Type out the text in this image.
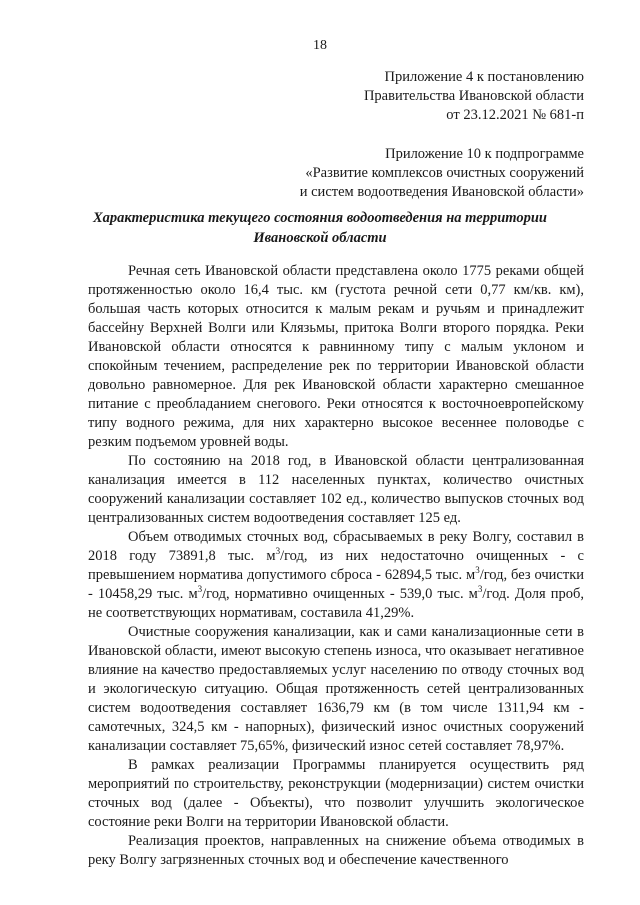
18
Приложение 4 к постановлению
Правительства Ивановской области
от 23.12.2021 № 681-п
Приложение 10 к подпрограмме
«Развитие комплексов очистных сооружений
и систем водоотведения Ивановской области»
Характеристика текущего состояния водоотведения на территории
Ивановской области

Речная сеть Ивановской области представлена около 1775 реками общей протяженностью около 16,4 тыс. км (густота речной сети 0,77 км/кв. км), большая часть которых относится к малым рекам и ручьям и принадлежит бассейну Верхней Волги или Клязьмы, притока Волги второго порядка. Реки Ивановской области относятся к равнинному типу с малым уклоном и спокойным течением, распределение рек по территории Ивановской области довольно равномерное. Для рек Ивановской области характерно смешанное питание с преобладанием снегового. Реки относятся к восточноевропейскому типу водного режима, для них характерно высокое весеннее половодье с резким подъемом уровней воды.

По состоянию на 2018 год, в Ивановской области централизованная канализация имеется в 112 населенных пунктах, количество очистных сооружений канализации составляет 102 ед., количество выпусков сточных вод централизованных систем водоотведения составляет 125 ед.

Объем отводимых сточных вод, сбрасываемых в реку Волгу, составил в 2018 году 73891,8 тыс. $м^3$/год, из них недостаточно очищенных - с превышением норматива допустимого сброса - 62894,5 тыс. $м^3$/год, без очистки - 10458,29 тыс. $м^3$/год, нормативно очищенных - 539,0 тыс. $м^3$/год. Доля проб, не соответствующих нормативам, составила 41,29%.

Очистные сооружения канализации, как и сами канализационные сети в Ивановской области, имеют высокую степень износа, что оказывает негативное влияние на качество предоставляемых услуг населению по отводу сточных вод и экологическую ситуацию. Общая протяженность сетей централизованных систем водоотведения составляет 1636,79 км (в том числе 1311,94 км - самотечных, 324,5 км - напорных), физический износ очистных сооружений канализации составляет 75,65%, физический износ сетей составляет 78,97%.

В рамках реализации Программы планируется осуществить ряд мероприятий по строительству, реконструкции (модернизации) систем очистки сточных вод (далее - Объекты), что позволит улучшить экологическое состояние реки Волги на территории Ивановской области.

Реализация проектов, направленных на снижение объема отводимых в реку Волгу загрязненных сточных вод и обеспечение качественного
